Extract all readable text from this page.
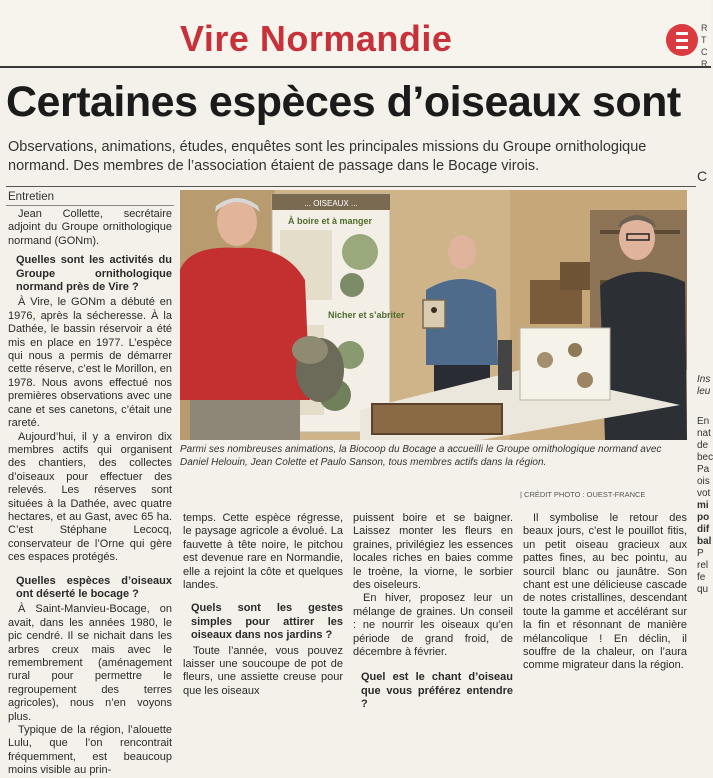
Vire Normandie	R
T
C
R
Certaines espèces d’oiseaux sont
Observations, animations, études, enquêtes sont les principales missions du Groupe ornithologique normand. Des membres de l’association étaient de passage dans le Bocage virois.
Entretien

Jean Collette, secrétaire adjoint du Groupe ornithologique normand (GONm).

Quelles sont les activités du Groupe ornithologique normand près de Vire ?

À Vire, le GONm a débuté en 1976, après la sécheresse. À la Dathée, le bassin réservoir a été mis en place en 1977. L’espèce qui nous a permis de démarrer cette réserve, c’est le Morillon, en 1978. Nous avons effectué nos premières observations avec une cane et ses canetons, c’était une rareté.

Aujourd’hui, il y a environ dix membres actifs qui organisent des chantiers, des collectes d’oiseaux pour effectuer des relevés. Les réserves sont situées à la Dathée, avec quatre hectares, et au Gast, avec 65 ha. C’est Stéphane Lecocq, conservateur de l’Orne qui gère ces espaces protégés.

Quelles espèces d’oiseaux ont déserté le bocage ?

À Saint-Manvieu-Bocage, on avait, dans les années 1980, le pic cendré. Il se nichait dans les arbres creux mais avec le remembrement (aménagement rural pour permettre le regroupement des terres agricoles), nous n’en voyons plus.

Typique de la région, l’alouette Lulu, que l’on rencontrait fréquemment, est beaucoup moins visible au prin-

... OISEAUX ...
À boire et à manger
Nicher et s’abriter
Parmi ses nombreuses animations, la Biocoop du Bocage a accueilli le Groupe ornithologique normand avec Daniel Helouin, Jean Colette et Paulo Sanson, tous membres actifs dans la région.
| CRÉDIT PHOTO : OUEST-FRANCE

temps. Cette espèce régresse, le paysage agricole a évolué. La fauvette à tête noire, le pitchou est devenue rare en Normandie, elle a rejoint la côte et quelques landes.

Quels sont les gestes simples pour attirer les oiseaux dans nos jardins ?

Toute l’année, vous pouvez laisser une soucoupe de pot de fleurs, une assiette creuse pour que les oiseaux

puissent boire et se baigner. Laissez monter les fleurs en graines, privilégiez les essences locales riches en baies comme le troène, la viorne, le sorbier des oiseleurs.

En hiver, proposez leur un mélange de graines. Un conseil : ne nourrir les oiseaux qu’en période de grand froid, de décembre à février.

Quel est le chant d’oiseau que vous préférez entendre ?

Il symbolise le retour des beaux jours, c’est le pouillot fitis, un petit oiseau gracieux aux pattes fines, au bec pointu, au sourcil blanc ou jaunâtre. Son chant est une délicieuse cascade de notes cristallines, descendant toute la gamme et accélérant sur la fin et résonnant de manière mélancolique ! En déclin, il souffre de la chaleur, on l’aura comme migrateur dans la région.

C
Ins
leu
En
nat
de
bec
Pa
ois
vot
mi
po
dif
bal
P
rel
fe
qu
